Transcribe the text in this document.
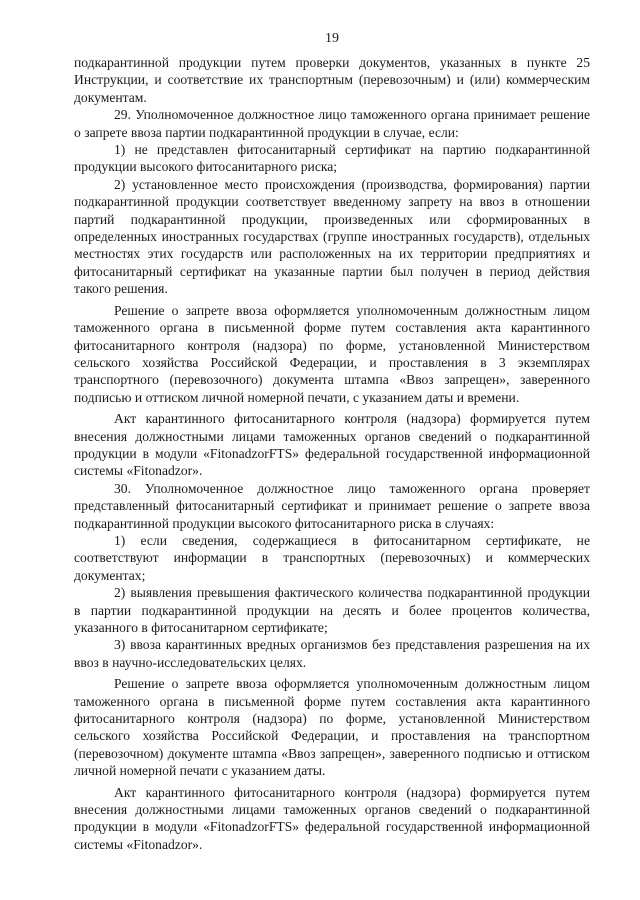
19

подкарантинной продукции путем проверки документов, указанных в пункте 25 Инструкции, и соответствие их транспортным (перевозочным) и (или) коммерческим документам.

29. Уполномоченное должностное лицо таможенного органа принимает решение о запрете ввоза партии подкарантинной продукции в случае, если:

1) не представлен фитосанитарный сертификат на партию подкарантинной продукции высокого фитосанитарного риска;

2) установленное место происхождения (производства, формирования) партии подкарантинной продукции соответствует введенному запрету на ввоз в отношении партий подкарантинной продукции, произведенных или сформированных в определенных иностранных государствах (группе иностранных государств), отдельных местностях этих государств или расположенных на их территории предприятиях и фитосанитарный сертификат на указанные партии был получен в период действия такого решения.

Решение о запрете ввоза оформляется уполномоченным должностным лицом таможенного органа в письменной форме путем составления акта карантинного фитосанитарного контроля (надзора) по форме, установленной Министерством сельского хозяйства Российской Федерации, и проставления в 3 экземплярах транспортного (перевозочного) документа штампа «Ввоз запрещен», заверенного подписью и оттиском личной номерной печати, с указанием даты и времени.

Акт карантинного фитосанитарного контроля (надзора) формируется путем внесения должностными лицами таможенных органов сведений о подкарантинной продукции в модули «FitonadzorFTS» федеральной государственной информационной системы «Fitonadzor».

30. Уполномоченное должностное лицо таможенного органа проверяет представленный фитосанитарный сертификат и принимает решение о запрете ввоза подкарантинной продукции высокого фитосанитарного риска в случаях:

1) если сведения, содержащиеся в фитосанитарном сертификате, не соответствуют информации в транспортных (перевозочных) и коммерческих документах;

2) выявления превышения фактического количества подкарантинной продукции в партии подкарантинной продукции на десять и более процентов количества, указанного в фитосанитарном сертификате;

3) ввоза карантинных вредных организмов без представления разрешения на их ввоз в научно-исследовательских целях.

Решение о запрете ввоза оформляется уполномоченным должностным лицом таможенного органа в письменной форме путем составления акта карантинного фитосанитарного контроля (надзора) по форме, установленной Министерством сельского хозяйства Российской Федерации, и проставления на транспортном (перевозочном) документе штампа «Ввоз запрещен», заверенного подписью и оттиском личной номерной печати с указанием даты.

Акт карантинного фитосанитарного контроля (надзора) формируется путем внесения должностными лицами таможенных органов сведений о подкарантинной продукции в модули «FitonadzorFTS» федеральной государственной информационной системы «Fitonadzor».
